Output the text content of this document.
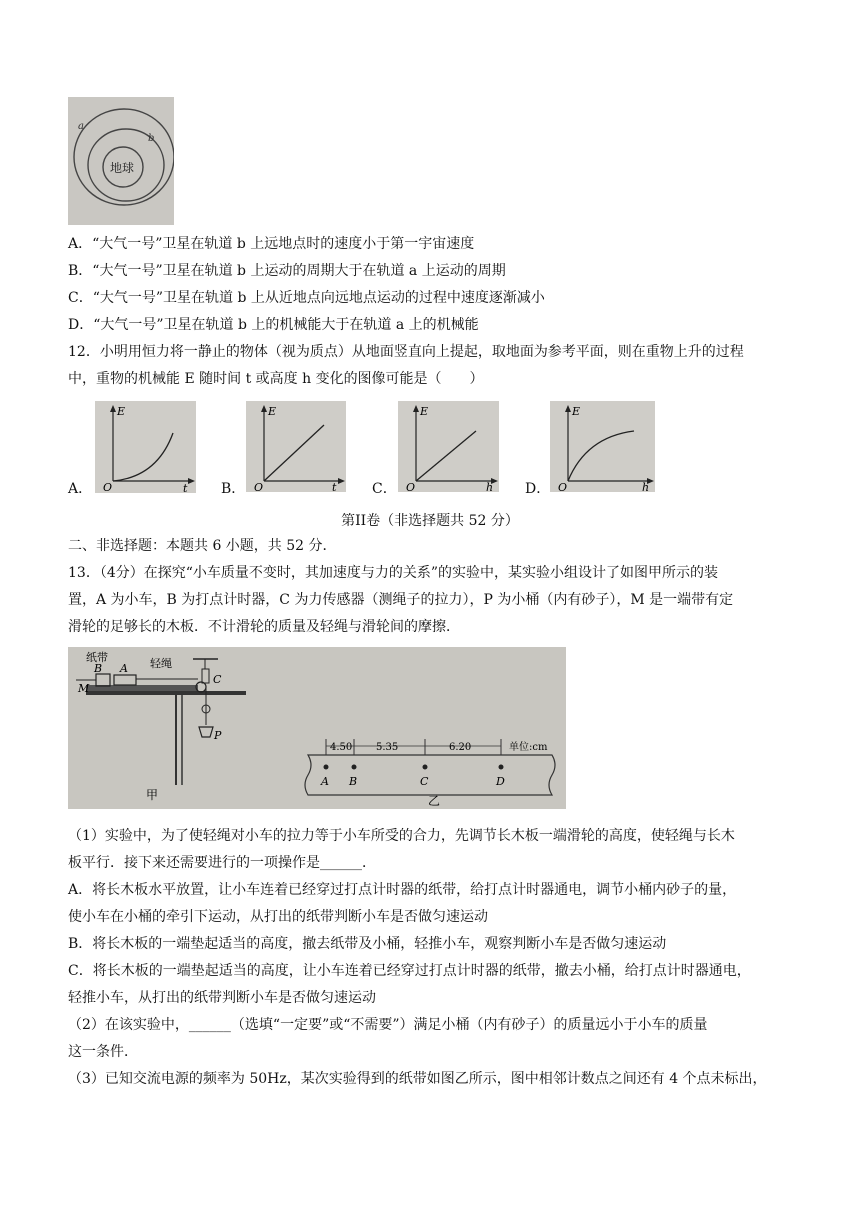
地球
a
b
A．“大气一号”卫星在轨道 b 上远地点时的速度小于第一宇宙速度
B．“大气一号”卫星在轨道 b 上运动的周期大于在轨道 a 上运动的周期
C．“大气一号”卫星在轨道 b 上从近地点向远地点运动的过程中速度逐渐减小
D．“大气一号”卫星在轨道 b 上的机械能大于在轨道 a 上的机械能
12．小明用恒力将一静止的物体（视为质点）从地面竖直向上提起，取地面为参考平面，则在重物上升的过程
中，重物的机械能 E 随时间 t 或高度 h 变化的图像可能是（　　）
A．
E
O	t B．
E
O	t	C．
E
O	h D．
E
O	h
第II卷（非选择题共 52 分）
二、非选择题：本题共 6 小题，共 52 分．
13．（4分）在探究“小车质量不变时，其加速度与力的关系”的实验中，某实验小组设计了如图甲所示的装
置，A 为小车，B 为打点计时器，C 为力传感器（测绳子的拉力），P 为小桶（内有砂子），M 是一端带有定
滑轮的足够长的木板．不计滑轮的质量及轻绳与滑轮间的摩擦．
纸带	轻绳
B A
M
C
P
甲
4.50 5.35	6.20	单位:cm
A B	C	D
乙
（1）实验中，为了使轻绳对小车的拉力等于小车所受的合力，先调节长木板一端滑轮的高度，使轻绳与长木
板平行．接下来还需要进行的一项操作是______．
A．将长木板水平放置，让小车连着已经穿过打点计时器的纸带，给打点计时器通电，调节小桶内砂子的量，
使小车在小桶的牵引下运动，从打出的纸带判断小车是否做匀速运动
B．将长木板的一端垫起适当的高度，撤去纸带及小桶，轻推小车，观察判断小车是否做匀速运动
C．将长木板的一端垫起适当的高度，让小车连着已经穿过打点计时器的纸带，撤去小桶，给打点计时器通电，
轻推小车，从打出的纸带判断小车是否做匀速运动
（2）在该实验中，______（选填“一定要”或“不需要”）满足小桶（内有砂子）的质量远小于小车的质量
这一条件．
（3）已知交流电源的频率为 50Hz，某次实验得到的纸带如图乙所示，图中相邻计数点之间还有 4 个点未标出，
